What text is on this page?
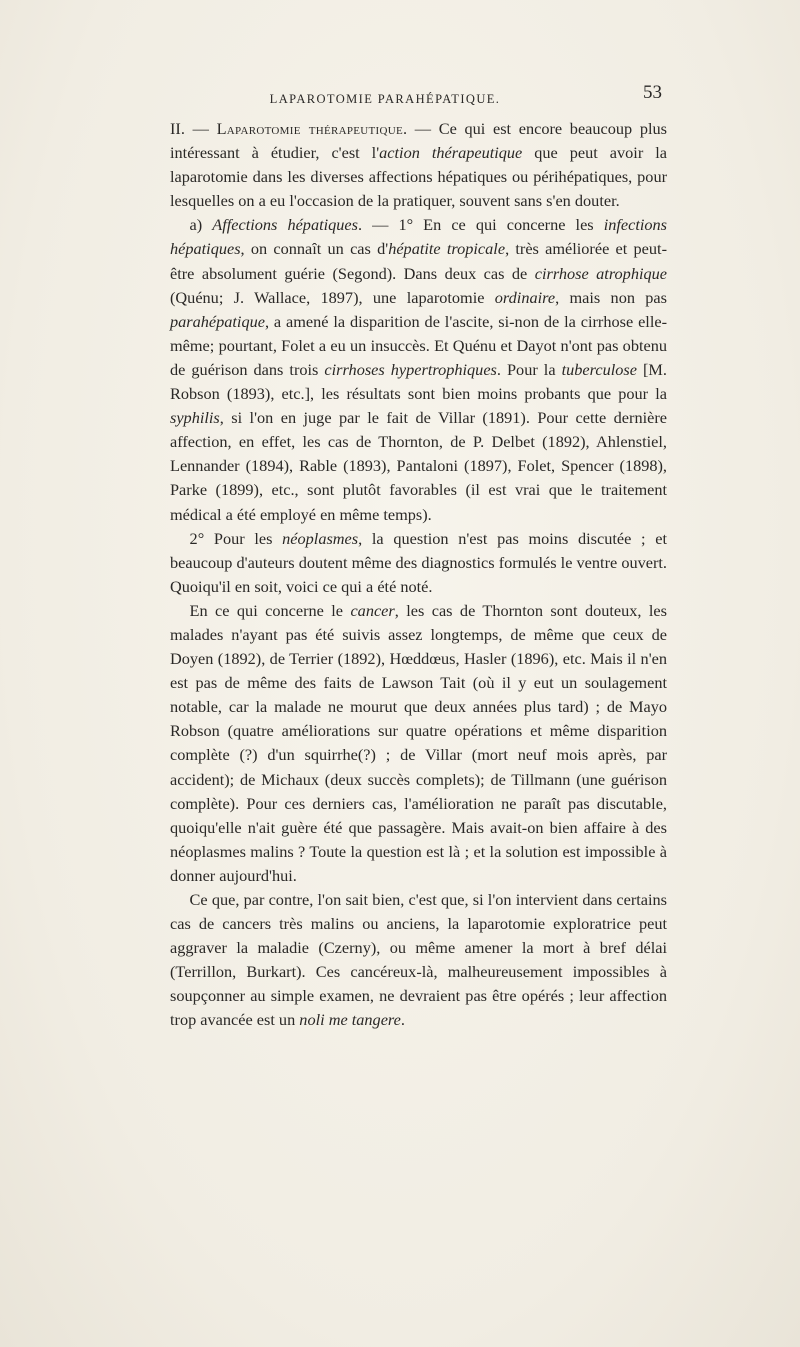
LAPAROTOMIE PARAHÉPATIQUE.	53

II. — Laparotomie thérapeutique. — Ce qui est encore beaucoup plus intéressant à étudier, c'est l'action thérapeutique que peut avoir la laparotomie dans les diverses affections hépatiques ou périhépatiques, pour lesquelles on a eu l'occasion de la pratiquer, souvent sans s'en douter.

a) Affections hépatiques. — 1° En ce qui concerne les infections hépatiques, on connaît un cas d'hépatite tropicale, très améliorée et peut-être absolument guérie (Segond). Dans deux cas de cirrhose atrophique (Quénu; J. Wallace, 1897), une laparotomie ordinaire, mais non pas parahépatique, a amené la disparition de l'ascite, si-non de la cirrhose elle-même; pourtant, Folet a eu un insuccès. Et Quénu et Dayot n'ont pas obtenu de guérison dans trois cirrhoses hypertrophiques. Pour la tuberculose [M. Robson (1893), etc.], les résultats sont bien moins probants que pour la syphilis, si l'on en juge par le fait de Villar (1891). Pour cette dernière affection, en effet, les cas de Thornton, de P. Delbet (1892), Ahlenstiel, Lennander (1894), Rable (1893), Pantaloni (1897), Folet, Spencer (1898), Parke (1899), etc., sont plutôt favorables (il est vrai que le traitement médical a été employé en même temps).

2° Pour les néoplasmes, la question n'est pas moins discutée ; et beaucoup d'auteurs doutent même des diagnostics formulés le ventre ouvert. Quoiqu'il en soit, voici ce qui a été noté.

En ce qui concerne le cancer, les cas de Thornton sont douteux, les malades n'ayant pas été suivis assez longtemps, de même que ceux de Doyen (1892), de Terrier (1892), Hœddœus, Hasler (1896), etc. Mais il n'en est pas de même des faits de Lawson Tait (où il y eut un soulagement notable, car la malade ne mourut que deux années plus tard) ; de Mayo Robson (quatre améliorations sur quatre opérations et même disparition complète (?) d'un squirrhe(?) ; de Villar (mort neuf mois après, par accident); de Michaux (deux succès complets); de Tillmann (une guérison complète). Pour ces derniers cas, l'amélioration ne paraît pas discutable, quoiqu'elle n'ait guère été que passagère. Mais avait-on bien affaire à des néoplasmes malins ? Toute la question est là ; et la solution est impossible à donner aujourd'hui.

Ce que, par contre, l'on sait bien, c'est que, si l'on intervient dans certains cas de cancers très malins ou anciens, la laparotomie exploratrice peut aggraver la maladie (Czerny), ou même amener la mort à bref délai (Terrillon, Burkart). Ces cancéreux-là, malheureusement impossibles à soupçonner au simple examen, ne devraient pas être opérés ; leur affection trop avancée est un noli me tangere.
